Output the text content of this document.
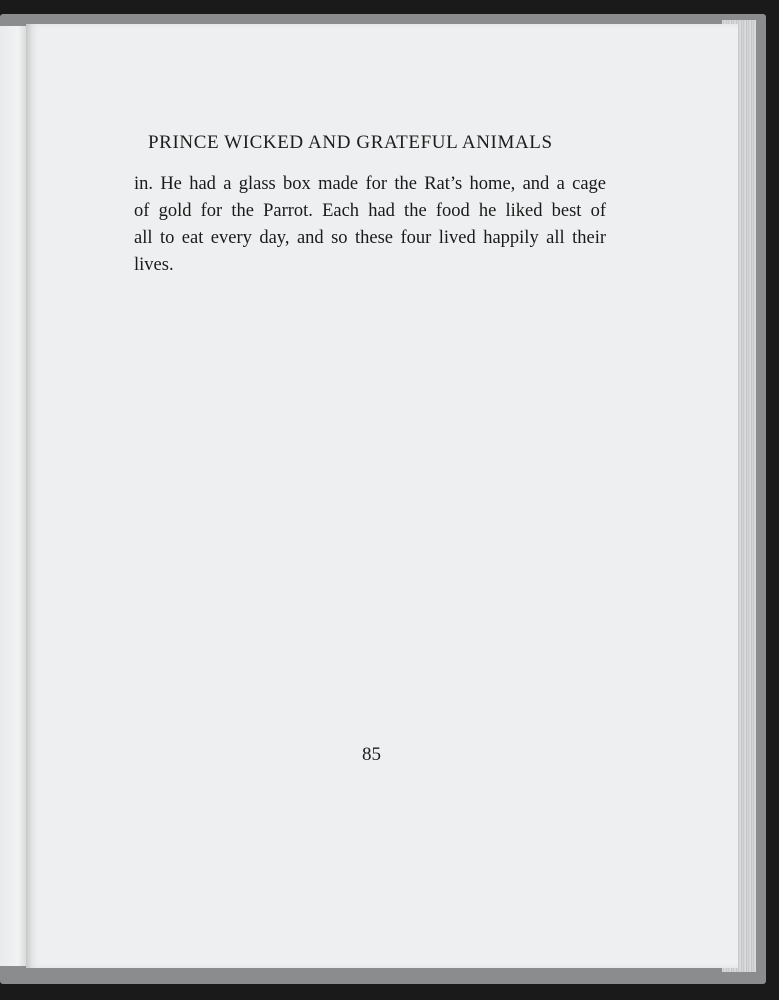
PRINCE WICKED AND GRATEFUL ANIMALS
in. He had a glass box made for the Rat’s home, and a cage
of gold for the Parrot. Each had the food he liked best of
all to eat every day, and so these four lived happily all their
lives.
85
